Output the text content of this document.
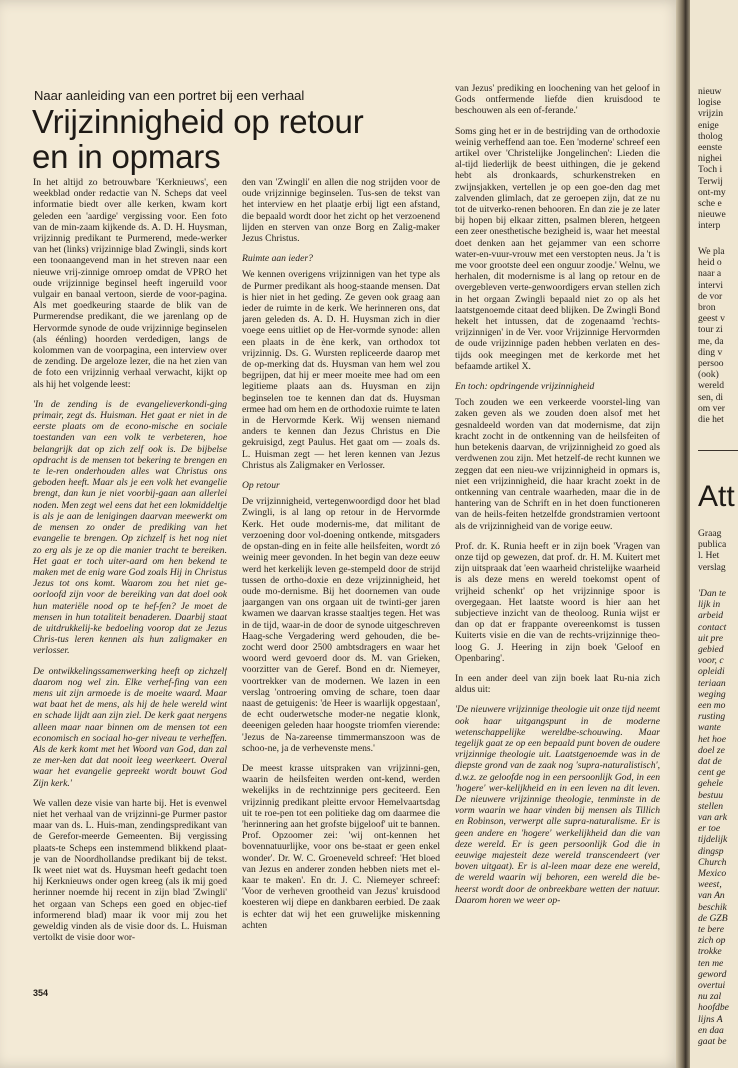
Naar aanleiding van een portret bij een verhaal
Vrijzinnigheid op retour
en in opmars

In het altijd zo betrouwbare 'Kerknieuws', een weekblad onder redactie van N. Scheps dat veel informatie biedt over alle kerken, kwam kort geleden een 'aardige' vergissing voor. Een foto van de min-zaam kijkende ds. A. D. H. Huysman, vrijzinnig predikant te Purmerend, mede-werker van het (links) vrijzinnige blad Zwingli, sinds kort een toonaangevend man in het streven naar een nieuwe vrij-zinnige omroep omdat de VPRO het oude vrijzinnige beginsel heeft ingeruild voor vulgair en banaal vertoon, sierde de voor-pagina. Als met goedkeuring staarde de blik van de Purmerendse predikant, die we jarenlang op de Hervormde synode de oude vrijzinnige beginselen (als éénling) hoorden verdedigen, langs de kolommen van de voorpagina, een interview over de zending. De argeloze lezer, die na het zien van de foto een vrijzinnig verhaal verwacht, kijkt op als hij het volgende leest:

'In de zending is de evangelieverkondi-ging primair, zegt ds. Huisman. Het gaat er niet in de eerste plaats om de econo-mische en sociale toestanden van een volk te verbeteren, hoe belangrijk dat op zich zelf ook is. De bijbelse opdracht is de mensen tot bekering te brengen en te le-ren onderhouden alles wat Christus ons geboden heeft. Maar als je een volk het evangelie brengt, dan kun je niet voorbij-gaan aan allerlei noden. Men zegt wel eens dat het een lokmiddeltje is als je aan de lenigingen daarvan meewerkt om de mensen zo onder de prediking van het evangelie te brengen. Op zichzelf is het nog niet zo erg als je ze op die manier tracht te bereiken. Het gaat er toch uiter-aard om hen bekend te maken met de enig ware God zoals Hij in Christus Jezus tot ons komt. Waarom zou het niet ge-oorloofd zijn voor de bereiking van dat doel ook hun materiële nood op te hef-fen? Je moet de mensen in hun totaliteit benaderen. Daarbij staat de uitdrukkelij-ke bedoeling voorop dat ze Jezus Chris-tus leren kennen als hun zaligmaker en verlosser.

De ontwikkelingssamenwerking heeft op zichzelf daarom nog wel zin. Elke verhef-fing van een mens uit zijn armoede is de moeite waard. Maar wat baat het de mens, als hij de hele wereld wint en schade lijdt aan zijn ziel. De kerk gaat nergens alleen maar naar binnen om de mensen tot een economisch en sociaal ho-ger niveau te verheffen. Als de kerk komt met het Woord van God, dan zal ze mer-ken dat dat nooit leeg weerkeert. Overal waar het evangelie gepreekt wordt bouwt God Zijn kerk.'

We vallen deze visie van harte bij. Het is evenwel niet het verhaal van de vrijzinni-ge Purmer pastor maar van ds. L. Huis-man, zendingspredikant van de Gerefor-meerde Gemeenten. Bij vergissing plaats-te Scheps een instemmend blikkend plaat-je van de Noordhollandse predikant bij de tekst. Ik weet niet wat ds. Huysman heeft gedacht toen hij Kerknieuws onder ogen kreeg (als ik mij goed herinner noemde hij recent in zijn blad 'Zwingli' het orgaan van Scheps een goed en objec-tief informerend blad) maar ik voor mij zou het geweldig vinden als de visie door ds. L. Huisman vertolkt de visie door wor-

den van 'Zwingli' en allen die nog strijden voor de oude vrijzinnige beginselen. Tus-sen de tekst van het interview en het plaatje erbij ligt een afstand, die bepaald wordt door het zicht op het verzoenend lijden en sterven van onze Borg en Zalig-maker Jezus Christus.

Ruimte aan ieder?

We kennen overigens vrijzinnigen van het type als de Purmer predikant als hoog-staande mensen. Dat is hier niet in het geding. Ze geven ook graag aan ieder de ruimte in de kerk. We herinneren ons, dat jaren geleden ds. A. D. H. Huysman zich in dier voege eens uitliet op de Her-vormde synode: allen een plaats in de ène kerk, van orthodox tot vrijzinnig. Ds. G. Wursten repliceerde daarop met de op-merking dat ds. Huysman van hem wel zou begrijpen, dat hij er meer moeite mee had om een legitieme plaats aan ds. Huysman en zijn beginselen toe te kennen dan dat ds. Huysman ermee had om hem en de orthodoxie ruimte te laten in de Hervormde Kerk. Wij wensen niemand anders te kennen dan Jezus Christus en Die gekruisigd, zegt Paulus. Het gaat om — zoals ds. L. Huisman zegt — het leren kennen van Jezus Christus als Zaligmaker en Verlosser.

Op retour

De vrijzinnigheid, vertegenwoordigd door het blad Zwingli, is al lang op retour in de Hervormde Kerk. Het oude modernis-me, dat militant de verzoening door vol-doening ontkende, mitsgaders de opstan-ding en in feite alle heilsfeiten, wordt zó weinig meer gevonden. In het begin van deze eeuw werd het kerkelijk leven ge-stempeld door de strijd tussen de ortho-doxie en deze vrijzinnigheid, het oude mo-dernisme. Bij het doornemen van oude jaargangen van ons orgaan uit de twinti-ger jaren kwamen we daarvan krasse staaltjes tegen. Het was in de tijd, waar-in de door de synode uitgeschreven Haag-sche Vergadering werd gehouden, die be-zocht werd door 2500 ambtsdragers en waar het woord werd gevoerd door ds. M. van Grieken, voorzitter van de Geref. Bond en dr. Niemeyer, voortrekker van de modernen. We lazen in een verslag 'ontroering omving de schare, toen daar naast de getuigenis: 'de Heer is waarlijk opgestaan', de echt ouderwetsche moder-ne negatie klonk, deeenigen geleden haar hoogste triomfen vierende: 'Jezus de Na-zareense timmermanszoon was de schoo-ne, ja de verhevenste mens.'

De meest krasse uitspraken van vrijzinni-gen, waarin de heilsfeiten werden ont-kend, werden wekelijks in de rechtzinnige pers geciteerd. Een vrijzinnig predikant pleitte ervoor Hemelvaartsdag uit te roe-pen tot een politieke dag om daarmee die 'herinnering aan het grofste bijgeloof' uit te bannen. Prof. Opzoomer zei: 'wij ont-kennen het bovennatuurlijke, voor ons be-staat er geen enkel wonder'. Dr. W. C. Groeneveld schreef: 'Het bloed van Jezus en anderer zonden hebben niets met el-kaar te maken'. En dr. J. C. Niemeyer schreef: 'Voor de verheven grootheid van Jezus' kruisdood koesteren wij diepe en dankbaren eerbied. De zaak is echter dat wij het een gruwelijke miskenning achten

van Jezus' prediking en loochening van het geloof in Gods ontfermende liefde dien kruisdood te beschouwen als een of-ferande.'

Soms ging het er in de bestrijding van de orthodoxie weinig verheffend aan toe. Een 'moderne' schreef een artikel over 'Christelijke Jongelinchen': Lieden die al-tijd liederlijk de beest uithingen, die je gekend hebt als dronkaards, schurkenstreken en zwijnsjakken, vertellen je op een goe-den dag met zalvenden glimlach, dat ze geroepen zijn, dat ze nu tot de uitverko-renen behooren. En dan zie je ze later bij hopen bij elkaar zitten, psalmen bleren, hetgeen een zeer onesthetische bezigheid is, waar het meestal doet denken aan het gejammer van een schorre water-en-vuur-vrouw met een verstopten neus. Ja 't is me voor grootste deel een onguur zoodje.' Welnu, we herhalen, dit modernisme is al lang op retour en de overgebleven verte-genwoordigers ervan stellen zich in het orgaan Zwingli bepaald niet zo op als het laatstgenoemde citaat deed blijken. De Zwingli Bond hekelt het intussen, dat de zogenaamd 'rechts-vrijzinnigen' in de Ver. voor Vrijzinnige Hervormden de oude vrijzinnige paden hebben verlaten en des-tijds ook meegingen met de kerkorde met het befaamde artikel X.

En toch: opdringende vrijzinnigheid

Toch zouden we een verkeerde voorstel-ling van zaken geven als we zouden doen alsof met het gesnaldeeld worden van dat modernisme, dat zijn kracht zocht in de ontkenning van de heilsfeiten of hun betekenis daarvan, de vrijzinnigheid zo goed als verdwenen zou zijn. Met hetzelf-de recht kunnen we zeggen dat een nieu-we vrijzinnigheid in opmars is, niet een vrijzinnigheid, die haar kracht zoekt in de ontkenning van centrale waarheden, maar die in de hantering van de Schrift en in het doen functioneren van de heils-feiten hetzelfde grondstramien vertoont als de vrijzinnigheid van de vorige eeuw.

Prof. dr. K. Runia heeft er in zijn boek 'Vragen van onze tijd op gewezen, dat prof. dr. H. M. Kuitert met zijn uitspraak dat 'een waarheid christelijke waarheid is als deze mens en wereld toekomst opent of vrijheid schenkt' op het vrijzinnige spoor is overgegaan. Het laatste woord is hier aan het subjectieve inzicht van de theoloog. Runia wijst er dan op dat er frappante overeenkomst is tussen Kuiterts visie en die van de rechts-vrijzinnige theo-loog G. J. Heering in zijn boek 'Geloof en Openbaring'.

In een ander deel van zijn boek laat Ru-nia zich aldus uit:

'De nieuwere vrijzinnige theologie uit onze tijd neemt ook haar uitgangspunt in de moderne wetenschappelijke wereldbe-schouwing. Maar tegelijk gaat ze op een bepaald punt boven de oudere vrijzinnige theologie uit. Laatstgenoemde was in de diepste grond van de zaak nog 'supra-naturalistisch', d.w.z. ze geloofde nog in een persoonlijk God, in een 'hogere' wer-kelijkheid en in een leven na dit leven. De nieuwere vrijzinnige theologie, tenminste in de vorm waarin we haar vinden bij mensen als Tillich en Robinson, verwerpt alle supra-naturalisme. Er is geen andere en 'hogere' werkelijkheid dan die van deze wereld. Er is geen persoonlijk God die in eeuwige majesteit deze wereld transcendeert (ver boven uitgaat). Er is al-leen maar deze ene wereld, de wereld waarin wij behoren, een wereld die be-heerst wordt door de onbreekbare wetten der natuur. Daarom horen we weer op-

354
nieuw
logise
vrijzin
enige
tholog
eenste
nighei
Toch i
Terwij
ont-my
sche e
nieuwe
interp
We pla
heid o
naar a
intervi
de vor
bron
geest v
tour zi
me, da
ding v
persoo
(ook)
wereld
sen, di
om ver
die het
Att
Graag
publica
l. Het
verslag
'Dan te
lijk in
arbeid
contact
uit pre
gebied
voor, c
opleidi
teriaan
weging
een mo
rusting
wante
het hoe
doel ze
dat de
cent ge
gehele
bestuu
stellen
van ark
er toe
tijdelijk
dingsp
Church
Mexico
weest,
van An
beschik
de GZB
te bere
zich op
trokke
ten me
geword
overtui
nu zal
hoofdbe
lijns A
en daa
gaat be
